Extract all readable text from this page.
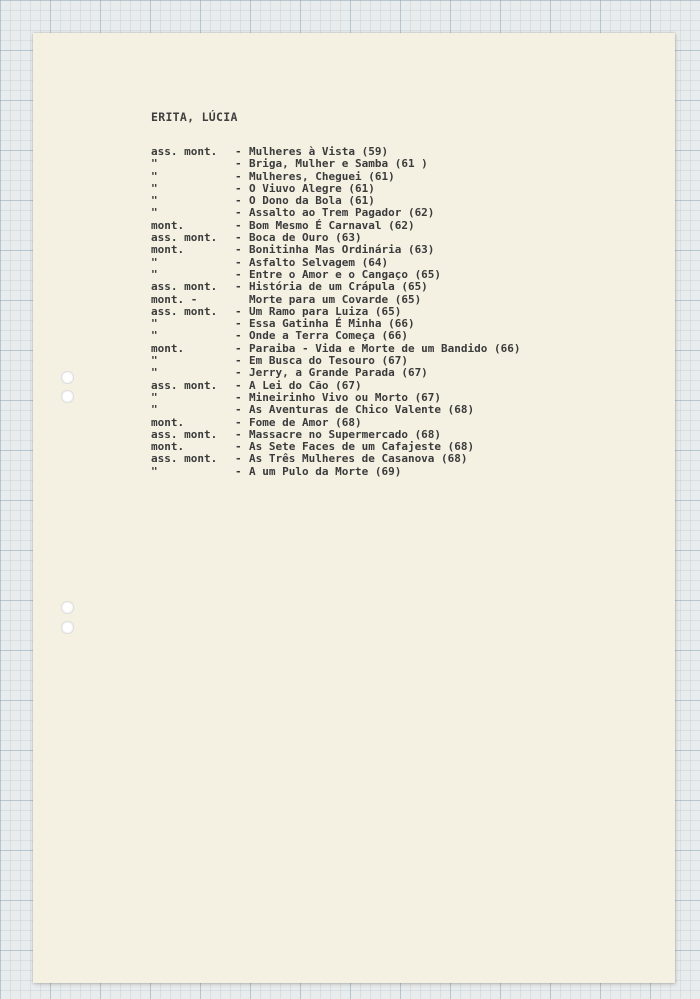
ERITA, LÚCIA
ass. mont. - Mulheres à Vista (59)
"	- Briga, Mulher e Samba (61 )
"	- Mulheres, Cheguei (61)
"	- O Viuvo Alegre (61)
"	- O Dono da Bola (61)
"	- Assalto ao Trem Pagador (62)
mont.	- Bom Mesmo É Carnaval (62)
ass. mont. - Boca de Ouro (63)
mont.	- Bonitinha Mas Ordinária (63)
"	- Asfalto Selvagem (64)
"	- Entre o Amor e o Cangaço (65)
ass. mont. - História de um Crápula (65)
mont. -	Morte para um Covarde (65)
ass. mont. - Um Ramo para Luiza (65)
"	- Essa Gatinha É Minha (66)
"	- Onde a Terra Começa (66)
mont.	- Paraiba - Vida e Morte de um Bandido (66)
"	- Em Busca do Tesouro (67)
"	- Jerry, a Grande Parada (67)
ass. mont. - A Lei do Cão (67)
"	- Mineirinho Vivo ou Morto (67)
"	- As Aventuras de Chico Valente (68)
mont.	- Fome de Amor (68)
ass. mont. - Massacre no Supermercado (68)
mont.	- As Sete Faces de um Cafajeste (68)
ass. mont. - As Três Mulheres de Casanova (68)
"	- A um Pulo da Morte (69)
